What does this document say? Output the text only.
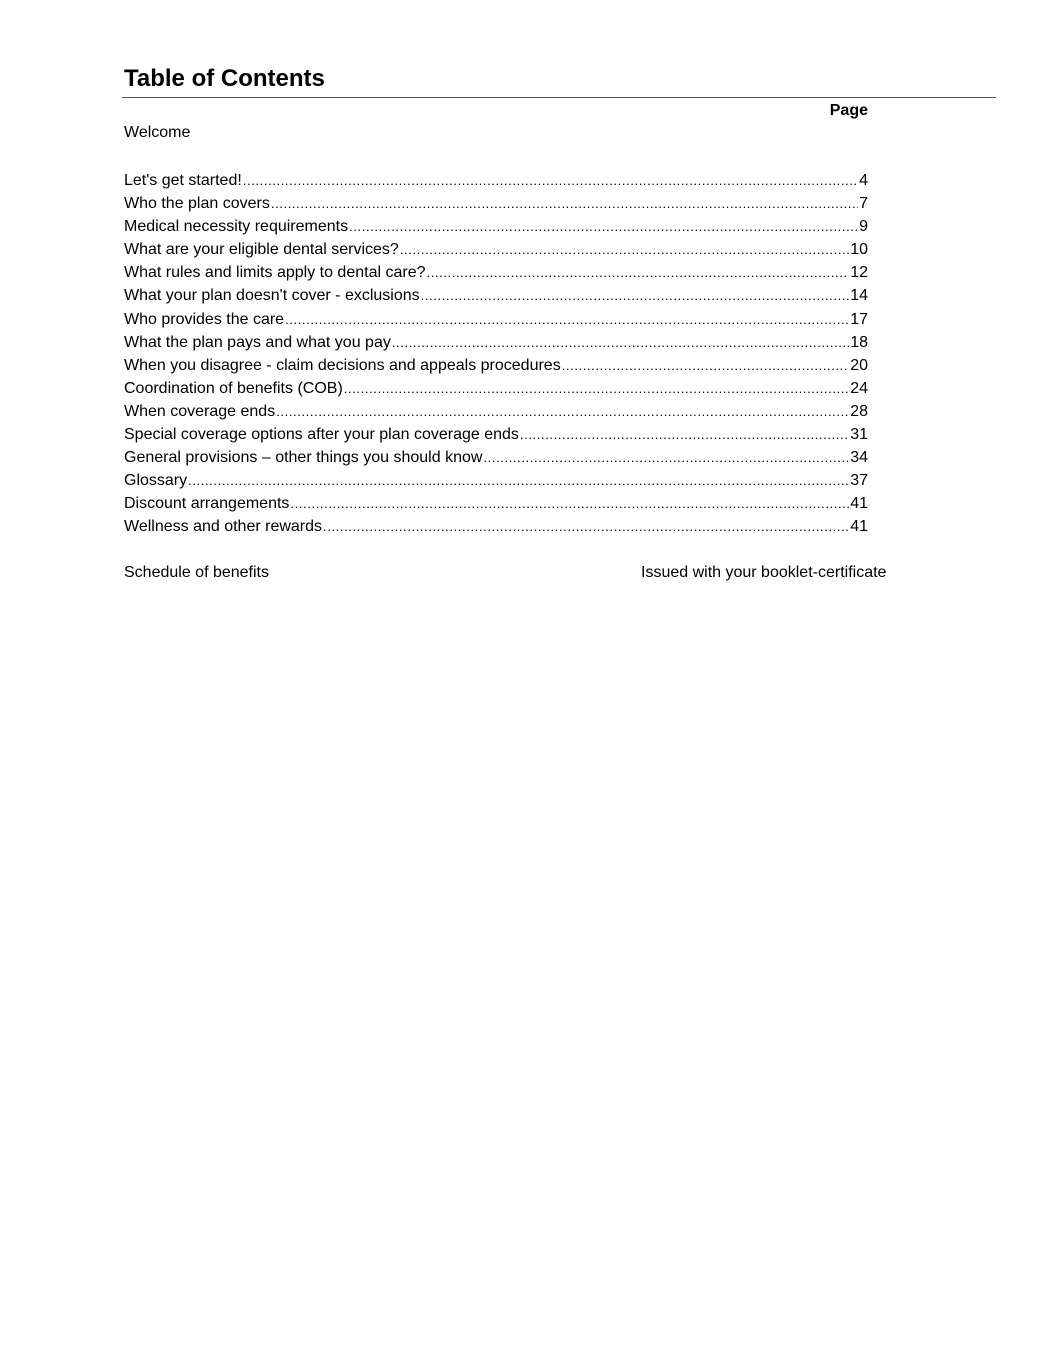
Table of Contents
Page
Welcome
Let's get started! .....	4
Who the plan covers .....	7
Medical necessity requirements .....	9
What are your eligible dental services? .....	10
What rules and limits apply to dental care? .....	12
What your plan doesn't cover - exclusions .....	14
Who provides the care .....	17
What the plan pays and what you pay .....	18
When you disagree - claim decisions and appeals procedures .....	20
Coordination of benefits (COB) .....	24
When coverage ends .....	28
Special coverage options after your plan coverage ends .....	31
General provisions – other things you should know .....	34
Glossary .....	37
Discount arrangements .....	41
Wellness and other rewards .....	41
Schedule of benefits	Issued with your booklet-certificate
